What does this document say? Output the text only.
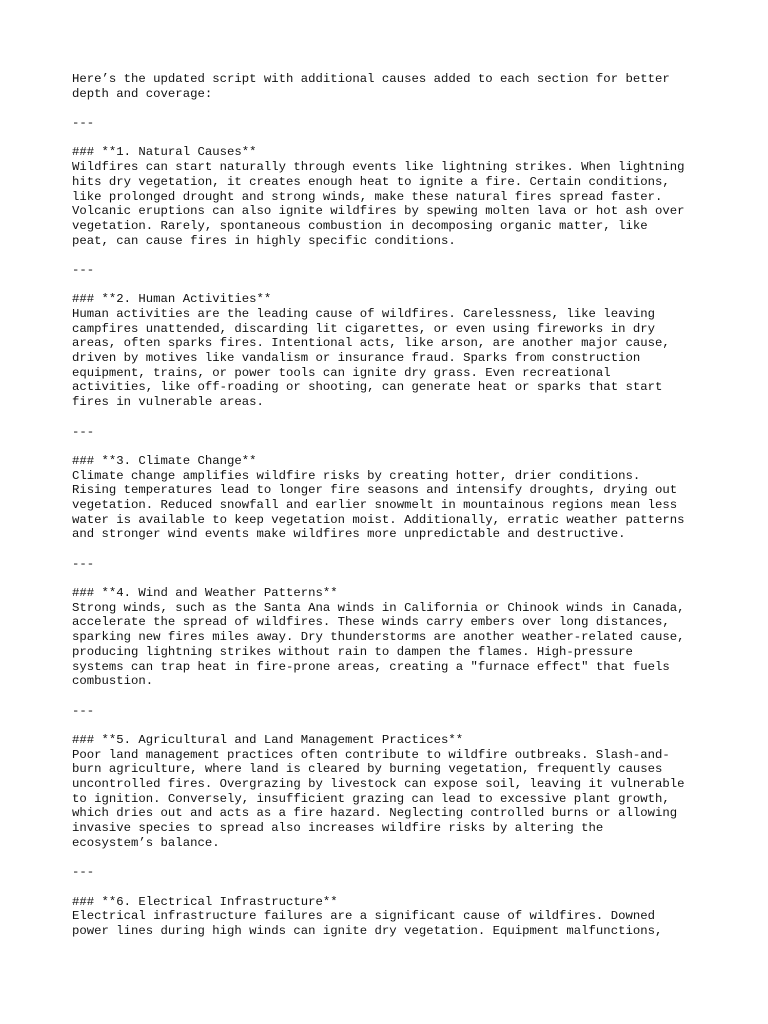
Here’s the updated script with additional causes added to each section for better
depth and coverage:
---
### **1. Natural Causes**
Wildfires can start naturally through events like lightning strikes. When lightning
hits dry vegetation, it creates enough heat to ignite a fire. Certain conditions,
like prolonged drought and strong winds, make these natural fires spread faster.
Volcanic eruptions can also ignite wildfires by spewing molten lava or hot ash over
vegetation. Rarely, spontaneous combustion in decomposing organic matter, like
peat, can cause fires in highly specific conditions.
---
### **2. Human Activities**
Human activities are the leading cause of wildfires. Carelessness, like leaving
campfires unattended, discarding lit cigarettes, or even using fireworks in dry
areas, often sparks fires. Intentional acts, like arson, are another major cause,
driven by motives like vandalism or insurance fraud. Sparks from construction
equipment, trains, or power tools can ignite dry grass. Even recreational
activities, like off-roading or shooting, can generate heat or sparks that start
fires in vulnerable areas.
---
### **3. Climate Change**
Climate change amplifies wildfire risks by creating hotter, drier conditions.
Rising temperatures lead to longer fire seasons and intensify droughts, drying out
vegetation. Reduced snowfall and earlier snowmelt in mountainous regions mean less
water is available to keep vegetation moist. Additionally, erratic weather patterns
and stronger wind events make wildfires more unpredictable and destructive.
---
### **4. Wind and Weather Patterns**
Strong winds, such as the Santa Ana winds in California or Chinook winds in Canada,
accelerate the spread of wildfires. These winds carry embers over long distances,
sparking new fires miles away. Dry thunderstorms are another weather-related cause,
producing lightning strikes without rain to dampen the flames. High-pressure
systems can trap heat in fire-prone areas, creating a "furnace effect" that fuels
combustion.
---
### **5. Agricultural and Land Management Practices**
Poor land management practices often contribute to wildfire outbreaks. Slash-and-
burn agriculture, where land is cleared by burning vegetation, frequently causes
uncontrolled fires. Overgrazing by livestock can expose soil, leaving it vulnerable
to ignition. Conversely, insufficient grazing can lead to excessive plant growth,
which dries out and acts as a fire hazard. Neglecting controlled burns or allowing
invasive species to spread also increases wildfire risks by altering the
ecosystem’s balance.
---
### **6. Electrical Infrastructure**
Electrical infrastructure failures are a significant cause of wildfires. Downed
power lines during high winds can ignite dry vegetation. Equipment malfunctions,
